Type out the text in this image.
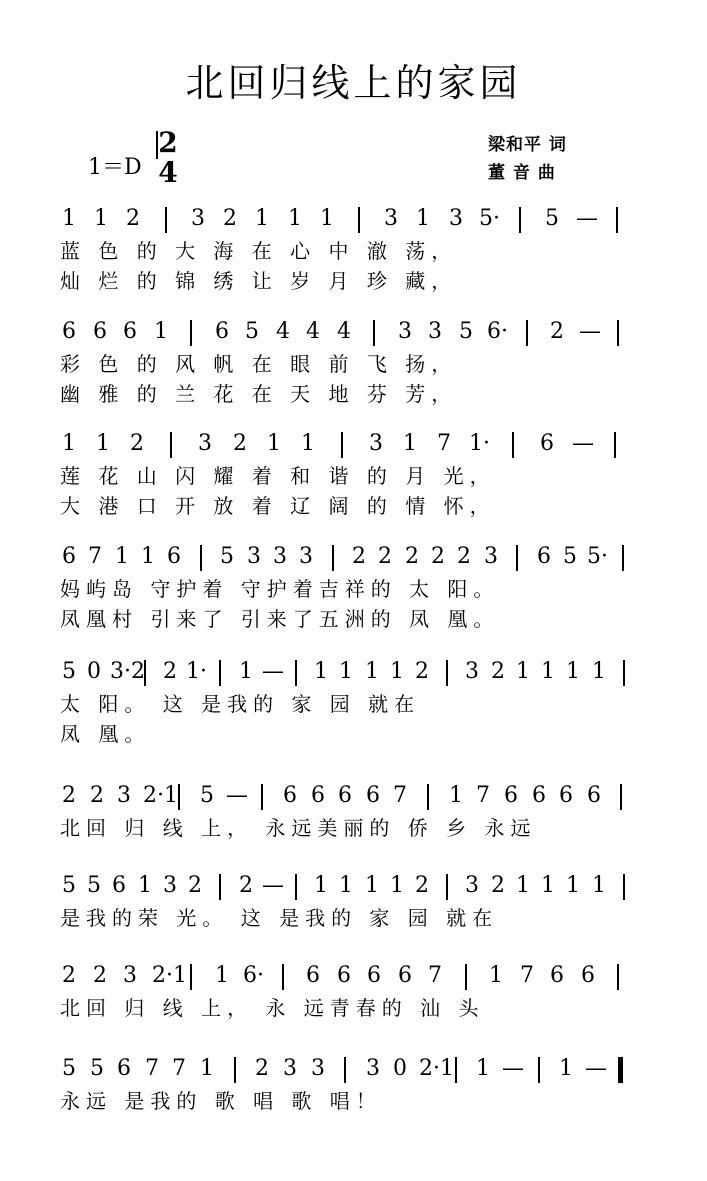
北回归线上的家园
1＝D
2
4
梁和平 词
董 音 曲
1 1 2 3 2 1 1 1 3 1 3 5· 5 —
蓝 色 的 大 海 在 心 中 澈 荡，
灿 烂 的 锦 绣 让 岁 月 珍 藏，
6 6 6 1 6 5 4 4 4 3 3 5 6· 2 —
彩 色 的 风 帆 在 眼 前 飞 扬，
幽 雅 的 兰 花 在 天 地 芬 芳，
1 1 2 3 2 1 1 3 1 7 1· 6 —
莲 花 山 闪 耀 着 和 谐 的 月 光，
大 港 口 开 放 着 辽 阔 的 情 怀，
6 7 1 1 6 5 3 3 3 2 2 2 2 2 3 6 5 5·
妈屿岛 守护着 守护着吉祥的 太 阳。
凤凰村 引来了 引来了五洲的 凤 凰。
5 0 3·2 2 1· 1 — 1 1 1 1 2 3 2 1 1 1 1
太 阳。 这 是我的 家 园 就在
凤 凰。
2 2 3 2·1 5 — 6 6 6 6 7 1 7 6 6 6 6
北回 归 线 上， 永远美丽的 侨 乡 永远
5 5 6 1 3 2 2 — 1 1 1 1 2 3 2 1 1 1 1
是我的荣 光。 这 是我的 家 园 就在
2 2 3 2·1 1 6· 6 6 6 6 7 1 7 6 6
北回 归 线 上， 永 远青春的 汕 头
5 5 6 7 7 1 2 3 3 3 0 2·1 1 — 1 —
永远 是我的 歌 唱 歌 唱！
